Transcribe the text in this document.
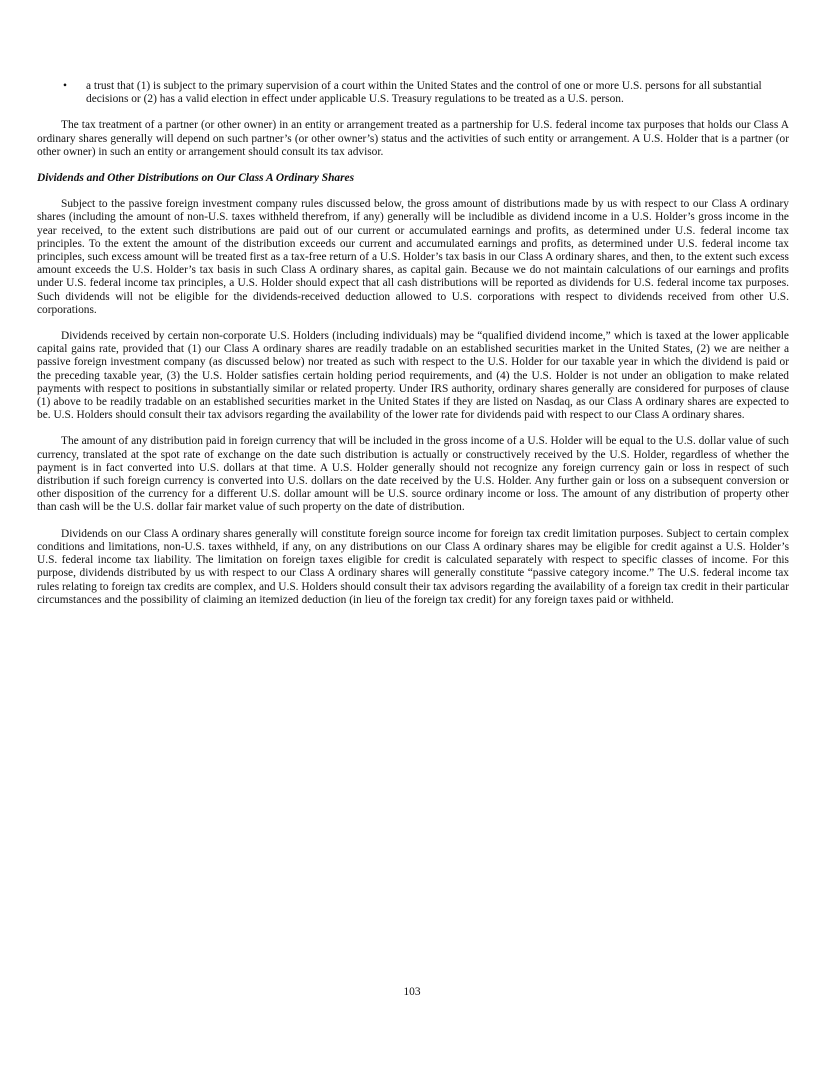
•	a trust that (1) is subject to the primary supervision of a court within the United States and the control of one or more U.S. persons for all substantial decisions or (2) has a valid election in effect under applicable U.S. Treasury regulations to be treated as a U.S. person.

The tax treatment of a partner (or other owner) in an entity or arrangement treated as a partnership for U.S. federal income tax purposes that holds our Class A ordinary shares generally will depend on such partner’s (or other owner’s) status and the activities of such entity or arrangement. A U.S. Holder that is a partner (or other owner) in such an entity or arrangement should consult its tax advisor.

Dividends and Other Distributions on Our Class A Ordinary Shares

Subject to the passive foreign investment company rules discussed below, the gross amount of distributions made by us with respect to our Class A ordinary shares (including the amount of non-U.S. taxes withheld therefrom, if any) generally will be includible as dividend income in a U.S. Holder’s gross income in the year received, to the extent such distributions are paid out of our current or accumulated earnings and profits, as determined under U.S. federal income tax principles. To the extent the amount of the distribution exceeds our current and accumulated earnings and profits, as determined under U.S. federal income tax principles, such excess amount will be treated first as a tax-free return of a U.S. Holder’s tax basis in our Class A ordinary shares, and then, to the extent such excess amount exceeds the U.S. Holder’s tax basis in such Class A ordinary shares, as capital gain. Because we do not maintain calculations of our earnings and profits under U.S. federal income tax principles, a U.S. Holder should expect that all cash distributions will be reported as dividends for U.S. federal income tax purposes. Such dividends will not be eligible for the dividends-received deduction allowed to U.S. corporations with respect to dividends received from other U.S. corporations.

Dividends received by certain non-corporate U.S. Holders (including individuals) may be “qualified dividend income,” which is taxed at the lower applicable capital gains rate, provided that (1) our Class A ordinary shares are readily tradable on an established securities market in the United States, (2) we are neither a passive foreign investment company (as discussed below) nor treated as such with respect to the U.S. Holder for our taxable year in which the dividend is paid or the preceding taxable year, (3) the U.S. Holder satisfies certain holding period requirements, and (4) the U.S. Holder is not under an obligation to make related payments with respect to positions in substantially similar or related property. Under IRS authority, ordinary shares generally are considered for purposes of clause (1) above to be readily tradable on an established securities market in the United States if they are listed on Nasdaq, as our Class A ordinary shares are expected to be. U.S. Holders should consult their tax advisors regarding the availability of the lower rate for dividends paid with respect to our Class A ordinary shares.

The amount of any distribution paid in foreign currency that will be included in the gross income of a U.S. Holder will be equal to the U.S. dollar value of such currency, translated at the spot rate of exchange on the date such distribution is actually or constructively received by the U.S. Holder, regardless of whether the payment is in fact converted into U.S. dollars at that time. A U.S. Holder generally should not recognize any foreign currency gain or loss in respect of such distribution if such foreign currency is converted into U.S. dollars on the date received by the U.S. Holder. Any further gain or loss on a subsequent conversion or other disposition of the currency for a different U.S. dollar amount will be U.S. source ordinary income or loss. The amount of any distribution of property other than cash will be the U.S. dollar fair market value of such property on the date of distribution.

Dividends on our Class A ordinary shares generally will constitute foreign source income for foreign tax credit limitation purposes. Subject to certain complex conditions and limitations, non-U.S. taxes withheld, if any, on any distributions on our Class A ordinary shares may be eligible for credit against a U.S. Holder’s U.S. federal income tax liability. The limitation on foreign taxes eligible for credit is calculated separately with respect to specific classes of income. For this purpose, dividends distributed by us with respect to our Class A ordinary shares will generally constitute “passive category income.” The U.S. federal income tax rules relating to foreign tax credits are complex, and U.S. Holders should consult their tax advisors regarding the availability of a foreign tax credit in their particular circumstances and the possibility of claiming an itemized deduction (in lieu of the foreign tax credit) for any foreign taxes paid or withheld.

103
